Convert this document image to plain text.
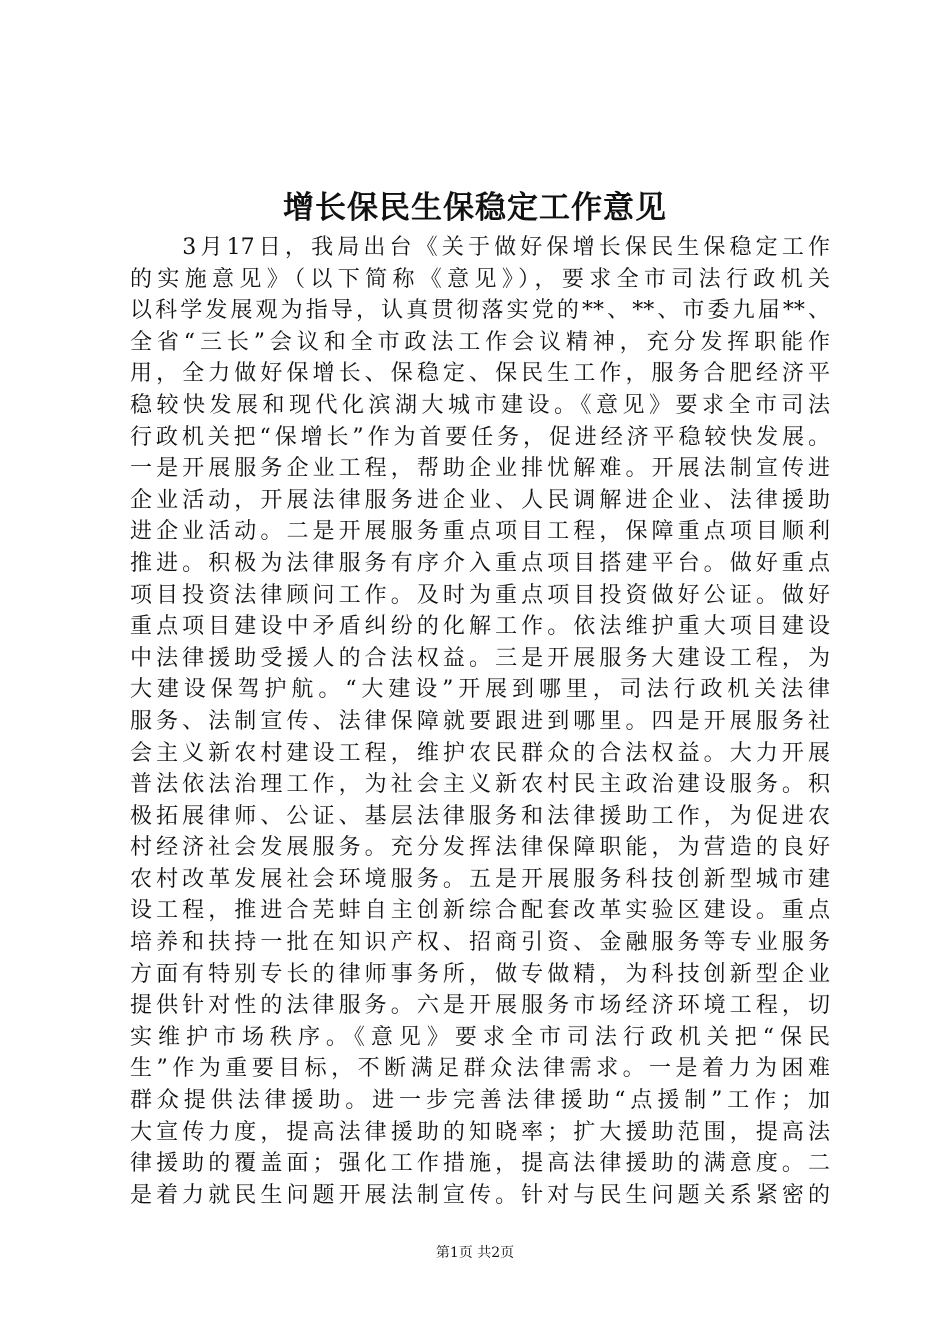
增长保民生保稳定工作意见
　　3月17日，我局出台《关于做好保增长保民生保稳定工作
的实施意见》（以下简称《意见》），要求全市司法行政机关
以科学发展观为指导，认真贯彻落实党的**、**、市委九届**、
全省“三长”会议和全市政法工作会议精神，充分发挥职能作
用，全力做好保增长、保稳定、保民生工作，服务合肥经济平
稳较快发展和现代化滨湖大城市建设。《意见》要求全市司法
行政机关把“保增长”作为首要任务，促进经济平稳较快发展。
一是开展服务企业工程，帮助企业排忧解难。开展法制宣传进
企业活动，开展法律服务进企业、人民调解进企业、法律援助
进企业活动。二是开展服务重点项目工程，保障重点项目顺利
推进。积极为法律服务有序介入重点项目搭建平台。做好重点
项目投资法律顾问工作。及时为重点项目投资做好公证。做好
重点项目建设中矛盾纠纷的化解工作。依法维护重大项目建设
中法律援助受援人的合法权益。三是开展服务大建设工程，为
大建设保驾护航。“大建设”开展到哪里，司法行政机关法律
服务、法制宣传、法律保障就要跟进到哪里。四是开展服务社
会主义新农村建设工程，维护农民群众的合法权益。大力开展
普法依法治理工作，为社会主义新农村民主政治建设服务。积
极拓展律师、公证、基层法律服务和法律援助工作，为促进农
村经济社会发展服务。充分发挥法律保障职能，为营造的良好
农村改革发展社会环境服务。五是开展服务科技创新型城市建
设工程，推进合芜蚌自主创新综合配套改革实验区建设。重点
培养和扶持一批在知识产权、招商引资、金融服务等专业服务
方面有特别专长的律师事务所，做专做精，为科技创新型企业
提供针对性的法律服务。六是开展服务市场经济环境工程，切
实维护市场秩序。《意见》要求全市司法行政机关把“保民
生”作为重要目标，不断满足群众法律需求。一是着力为困难
群众提供法律援助。进一步完善法律援助“点援制”工作；加
大宣传力度，提高法律援助的知晓率；扩大援助范围，提高法
律援助的覆盖面；强化工作措施，提高法律援助的满意度。二
是着力就民生问题开展法制宣传。针对与民生问题关系紧密的
第1页 共2页
